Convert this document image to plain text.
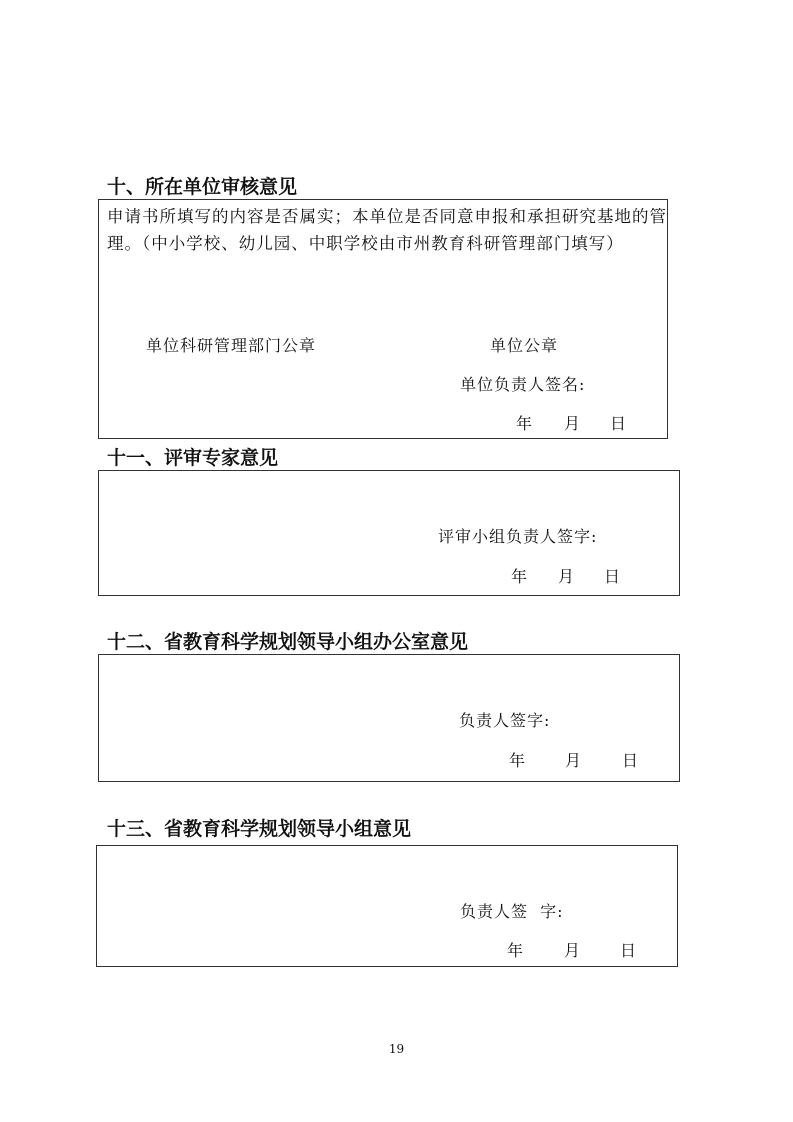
十、所在单位审核意见
申请书所填写的内容是否属实；本单位是否同意申报和承担研究基地的管理。（中小学校、幼儿园、中职学校由市州教育科研管理部门填写）
单位科研管理部门公章	单位公章
单位负责人签名:
年 月 日
十一、评审专家意见
评审小组负责人签字:
年 月 日
十二、省教育科学规划领导小组办公室意见
负责人签字:
年 月 日
十三、省教育科学规划领导小组意见
负责人签  字:
年 月 日
19
